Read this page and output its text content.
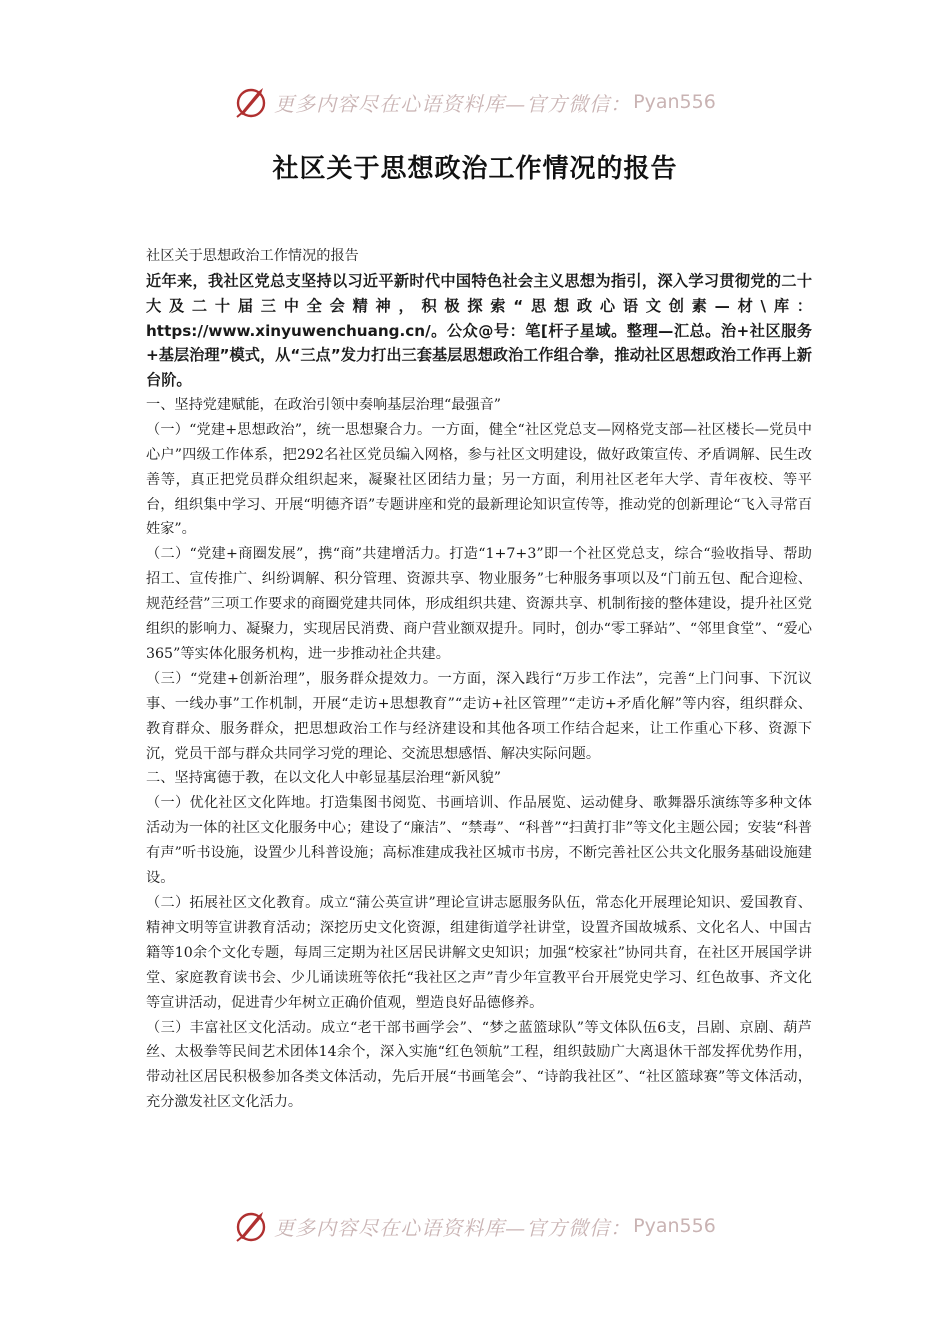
更多内容尽在心语资料库—官方微信： Pyan556
社区关于思想政治工作情况的报告

社区关于思想政治工作情况的报告

近年来，我社区党总支坚持以习近平新时代中国特色社会主义思想为指引，深入学习贯彻党的二十大及二十届三中全会精神，积极探索“思想政心语文创素—材\库：https://www.xinyuwenchuang.cn/。公众@号：笔[杆子星域。整理—汇总。治+社区服务+基层治理”模式，从“三点”发力打出三套基层思想政治工作组合拳，推动社区思想政治工作再上新台阶。

一、坚持党建赋能，在政治引领中奏响基层治理“最强音”

（一）“党建+思想政治”，统一思想聚合力。一方面，健全“社区党总支—网格党支部—社区楼长—党员中心户”四级工作体系，把292名社区党员编入网格，参与社区文明建设，做好政策宣传、矛盾调解、民生改善等，真正把党员群众组织起来，凝聚社区团结力量；另一方面，利用社区老年大学、青年夜校、等平台，组织集中学习、开展“明德齐语”专题讲座和党的最新理论知识宣传等，推动党的创新理论“飞入寻常百姓家”。

（二）“党建+商圈发展”，携“商”共建增活力。打造“1+7+3”即一个社区党总支，综合“验收指导、帮助招工、宣传推广、纠纷调解、积分管理、资源共享、物业服务”七种服务事项以及“门前五包、配合迎检、规范经营”三项工作要求的商圈党建共同体，形成组织共建、资源共享、机制衔接的整体建设，提升社区党组织的影响力、凝聚力，实现居民消费、商户营业额双提升。同时，创办“零工驿站”、“邻里食堂”、“爱心365”等实体化服务机构，进一步推动社企共建。

（三）“党建+创新治理”，服务群众提效力。一方面，深入践行“万步工作法”，完善“上门问事、下沉议事、一线办事”工作机制，开展“走访+思想教育”“走访+社区管理”“走访+矛盾化解”等内容，组织群众、教育群众、服务群众，把思想政治工作与经济建设和其他各项工作结合起来，让工作重心下移、资源下沉，党员干部与群众共同学习党的理论、交流思想感悟、解决实际问题。

二、坚持寓德于教，在以文化人中彰显基层治理“新风貌”

（一）优化社区文化阵地。打造集图书阅览、书画培训、作品展览、运动健身、歌舞器乐演练等多种文体活动为一体的社区文化服务中心；建设了“廉洁”、“禁毒”、“科普”“扫黄打非”等文化主题公园；安装“科普有声”听书设施，设置少儿科普设施；高标准建成我社区城市书房，不断完善社区公共文化服务基础设施建设。

（二）拓展社区文化教育。成立“蒲公英宣讲”理论宣讲志愿服务队伍，常态化开展理论知识、爱国教育、精神文明等宣讲教育活动；深挖历史文化资源，组建街道学社讲堂，设置齐国故城系、文化名人、中国古籍等10余个文化专题，每周三定期为社区居民讲解文史知识；加强“校家社”协同共育，在社区开展国学讲堂、家庭教育读书会、少儿诵读班等依托“我社区之声”青少年宣教平台开展党史学习、红色故事、齐文化等宣讲活动，促进青少年树立正确价值观，塑造良好品德修养。

（三）丰富社区文化活动。成立“老干部书画学会”、“梦之蓝篮球队”等文体队伍6支，吕剧、京剧、葫芦丝、太极拳等民间艺术团体14余个，深入实施“红色领航”工程，组织鼓励广大离退休干部发挥优势作用，带动社区居民积极参加各类文体活动，先后开展“书画笔会”、“诗韵我社区”、“社区篮球赛”等文体活动，充分激发社区文化活力。

更多内容尽在心语资料库—官方微信： Pyan556
